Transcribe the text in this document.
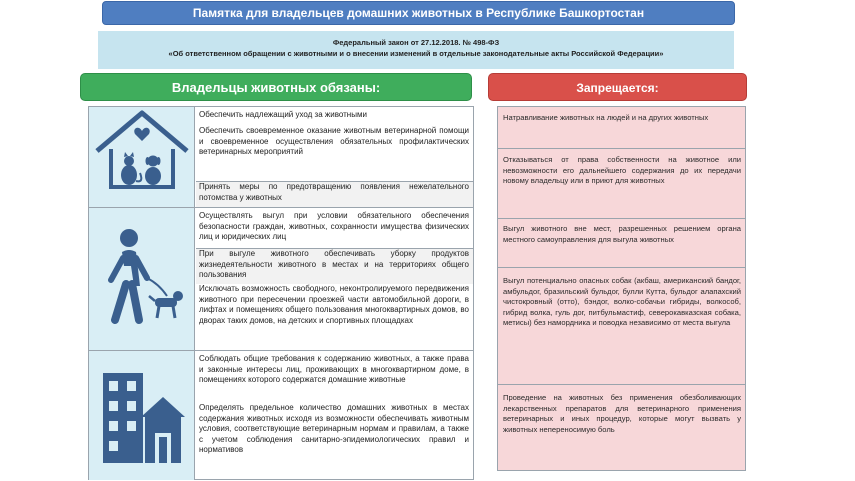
Памятка для владельцев домашних животных в Республике Башкортостан
Федеральный закон от 27.12.2018. № 498-ФЗ
«Об ответственном обращении с животными и о внесении изменений в отдельные законодательные акты Российской Федерации»
Владельцы животных обязаны:	Запрещается:
Обеспечить надлежащий уход за животными
Обеспечить своевременное оказание животным ветеринарной помощи и своевременное осуществления обязательных профилактических ветеринарных мероприятий
Принять меры по предотвращению появления нежелательного потомства у животных
Осуществлять выгул при условии обязательного обеспечения безопасности граждан, животных, сохранности имущества физических лиц и юридических лиц
При выгуле животного обеспечивать уборку продуктов жизнедеятельности животного в местах и на территориях общего пользования
Исключать возможность свободного, неконтролируемого передвижения животного при пересечении проезжей части автомобильной дороги, в лифтах и помещениях общего пользования многоквартирных домов, во дворах таких домов, на детских и спортивных площадках
Соблюдать общие требования к содержанию животных, а также права и законные интересы лиц, проживающих в многоквартирном доме, в помещениях которого содержатся домашние животные
Определять предельное количество домашних животных в местах содержания животных исходя из возможности обеспечивать животным условия, соответствующие ветеринарным нормам и правилам, а также с учетом соблюдения санитарно-эпидемиологических правил и нормативов
Натравливание животных на людей и на других животных
Отказываться от права собственности на животное или невозможности его дальнейшего содержания до их передачи новому владельцу или в приют для животных
Выгул животного вне мест, разрешенных решением органа местного самоуправления для выгула животных
Выгул потенциально опасных собак (акбаш, американский бандог, амбульдог, бразильский бульдог, булли Кутта, бульдог алапахский чистокровный (отто), бэндог, волко-собачьи гибриды, волкособ, гибрид волка, гуль дог, питбульмастиф, северокавказская собака, метисы) без намордника и поводка независимо от места выгула
Проведение на животных без применения обезболивающих лекарственных препаратов для ветеринарного применения ветеринарных и иных процедур, которые могут вызвать у животных непереносимую боль
